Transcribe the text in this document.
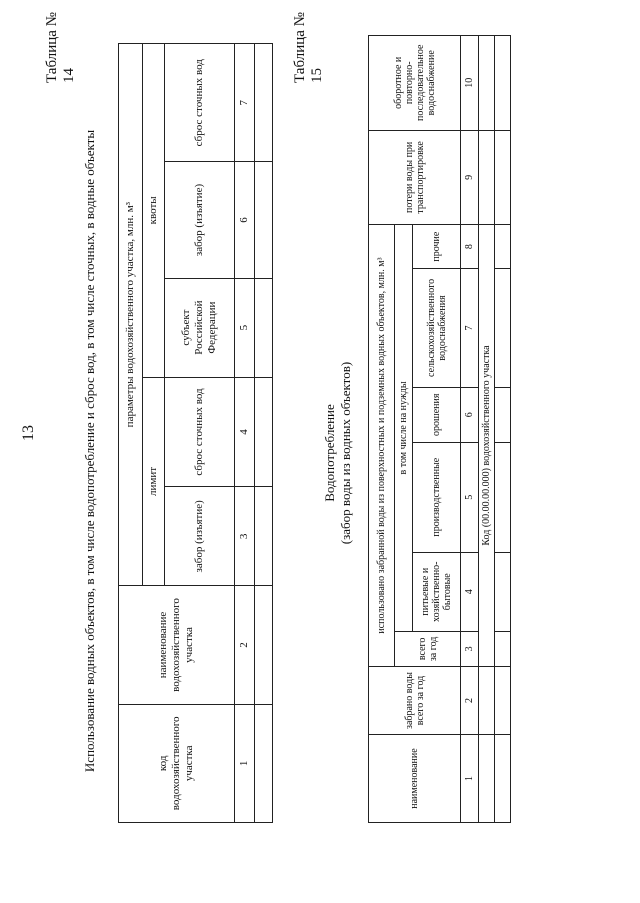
13
Таблица № 14
Использование водных объектов, в том числе водопотребление и сброс вод, в том числе сточных, в водные объекты	код водохозяйственного участка	наименование водохозяйственного участка	параметры водохозяйственного участка, млн. м³				
		лимит		квоты		
		забор (изъятие)	сброс сточных вод	субъект Российской Федерации	забор (изъятие)	сброс сточных вод
1	2	3	4	5	6	7

Таблица № 15
Водопотребление (забор воды из водных объектов)
наименование	забрано воды всего за год	использовано забранной воды из поверхностных и подземных водных объектов, млн. м³						потери воды при транспортировке	оборотное и повторно-последовательное водоснабжение
		всего за год	в том числе на нужды						
			питьевые и хозяйственно-бытовые	производственные	орошения	сельскохозяйственного водоснабжения	прочие		
1	2	3	4	5	6	7	8	9	10
		Код (00.00.00.000) водохозяйственного участка							
